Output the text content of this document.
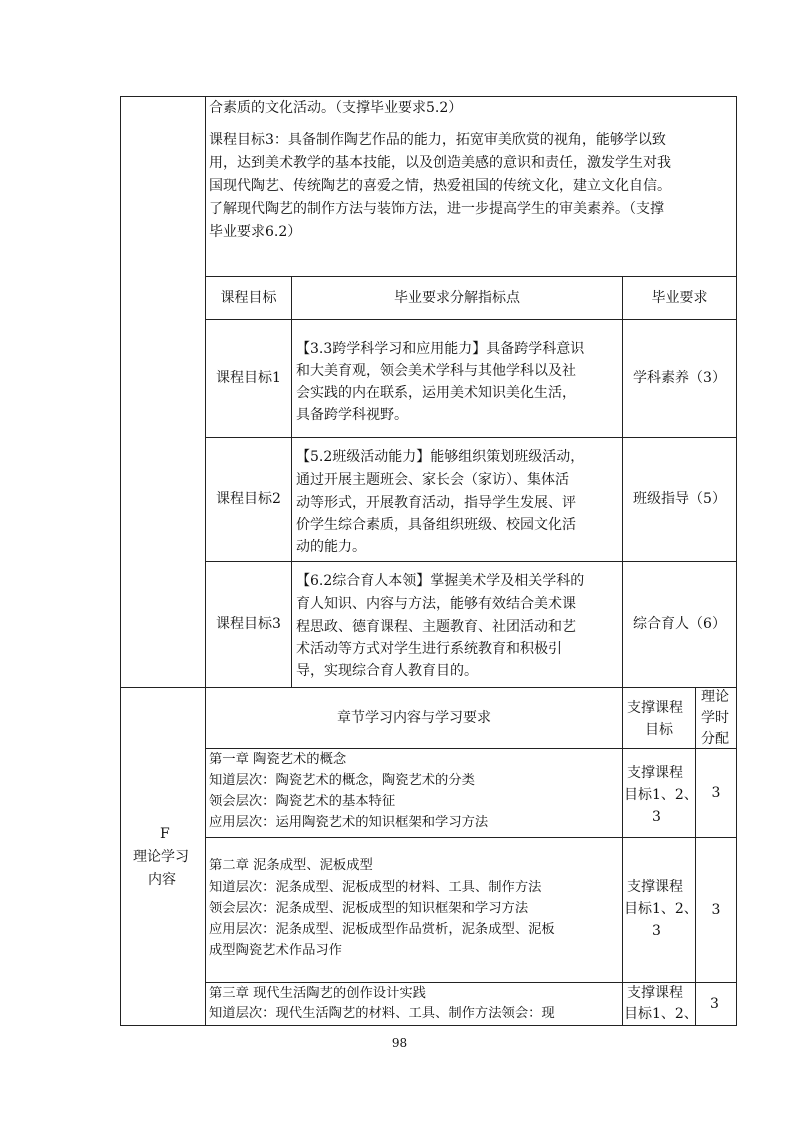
合素质的文化活动。（支撑毕业要求5.2）
课程目标3：具备制作陶艺作品的能力，拓宽审美欣赏的视角，能够学以致
用，达到美术教学的基本技能，以及创造美感的意识和责任，激发学生对我
国现代陶艺、传统陶艺的喜爱之情，热爱祖国的传统文化，建立文化自信。
了解现代陶艺的制作方法与装饰方法，进一步提高学生的审美素养。（支撑
毕业要求6.2）
课程目标	毕业要求分解指标点	毕业要求
课程目标1
【3.3跨学科学习和应用能力】具备跨学科意识
和大美育观，领会美术学科与其他学科以及社
会实践的内在联系，运用美术知识美化生活，
具备跨学科视野。
学科素养（3）
课程目标2
【5.2班级活动能力】能够组织策划班级活动，
通过开展主题班会、家长会（家访）、集体活
动等形式，开展教育活动，指导学生发展、评
价学生综合素质，具备组织班级、校园文化活
动的能力。
班级指导（5）
课程目标3
【6.2综合育人本领】掌握美术学及相关学科的
育人知识、内容与方法，能够有效结合美术课
程思政、德育课程、主题教育、社团活动和艺
术活动等方式对学生进行系统教育和积极引
导，实现综合育人教育目的。
综合育人（6）
F
理论学习
内容
章节学习内容与学习要求
支撑课程
目标
理论
学时
分配
第一章 陶瓷艺术的概念
知道层次：陶瓷艺术的概念，陶瓷艺术的分类
领会层次：陶瓷艺术的基本特征
应用层次：运用陶瓷艺术的知识框架和学习方法
支撑课程
目标1、2、
3
3
第二章 泥条成型、泥板成型
知道层次：泥条成型、泥板成型的材料、工具、制作方法
领会层次：泥条成型、泥板成型的知识框架和学习方法
应用层次：泥条成型、泥板成型作品赏析，泥条成型、泥板
成型陶瓷艺术作品习作
支撑课程
目标1、2、
3
3
第三章 现代生活陶艺的创作设计实践
知道层次：现代生活陶艺的材料、工具、制作方法领会：现
支撑课程
目标1、2、
3
98
